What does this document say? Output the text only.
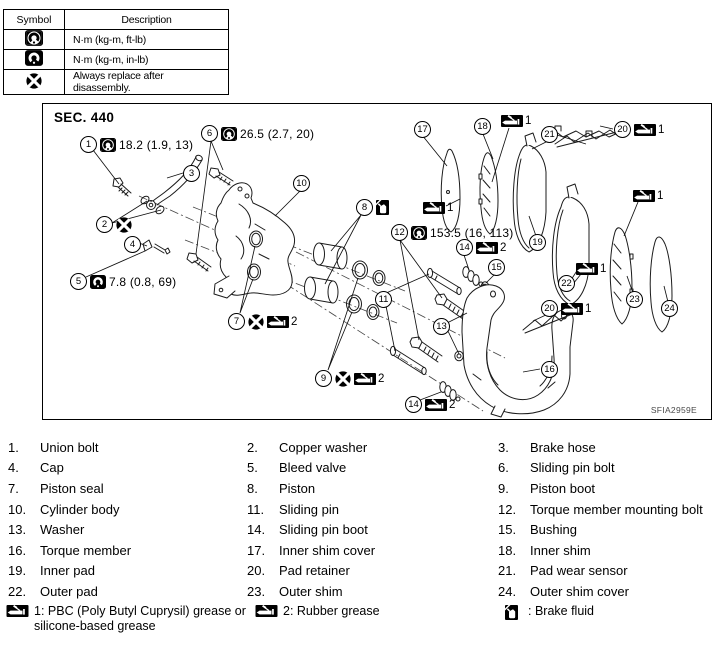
Symbol	Description

	N·m (kg-m, ft-lb)

	N·m (kg-m, in-lb)

	Always replace after disassembly.
SEC. 440
SFIA2959E
1	18.2 (1.9, 13)
6	26.5 (2.7, 20)
3
2
4
5	7.8 (0.8, 69)
10
8
7	2
9	2
11
12 153.5 (16, 113)
13
14	2
15
14	2
16
17	18	1
21	20	1
1
19
1
22
20	1
23
24
1
1.	Union bolt	2.	Copper washer	3.	Brake hose
4.	Cap	5.	Bleed valve	6.	Sliding pin bolt
7.	Piston seal	8.	Piston	9.	Piston boot
10.	Cylinder body	11.	Sliding pin	12.	Torque member mounting bolt
13.	Washer	14.	Sliding pin boot	15.	Bushing
16.	Torque member	17.	Inner shim cover	18.	Inner shim
19.	Inner pad	20.	Pad retainer	21.	Pad wear sensor
22.	Outer pad	23.	Outer shim	24.	Outer shim cover
1: PBC (Poly Butyl Cuprysil) grease or silicone-based grease
2: Rubber grease	: Brake fluid
